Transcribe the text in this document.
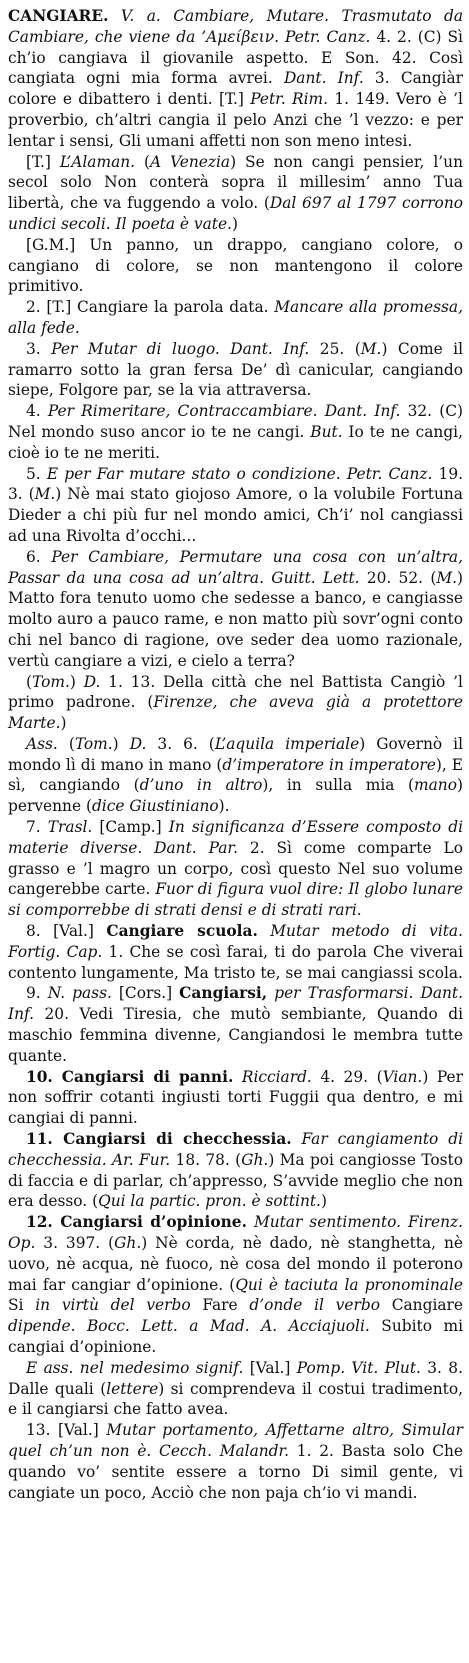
CANGIARE. V. a. Cambiare, Mutare. Trasmutato da Cambiare, che viene da ’Αμείβειν. Petr. Canz. 4. 2. (C) Sì ch’io cangiava il giovanile aspetto. E Son. 42. Così cangiata ogni mia forma avrei. Dant. Inf. 3. Cangiàr colore e dibattero i denti. [T.] Petr. Rim. 1. 149. Vero è ’l proverbio, ch’altri cangia il pelo Anzi che ’l vezzo: e per lentar i sensi, Gli umani affetti non son meno intesi.

[T.] L’Alaman. (A Venezia) Se non cangi pensier, l’un secol solo Non conterà sopra il millesim’ anno Tua libertà, che va fuggendo a volo. (Dal 697 al 1797 corrono undici secoli. Il poeta è vate.)

[G.M.] Un panno, un drappo, cangiano colore, o cangiano di colore, se non mantengono il colore primitivo.

2. [T.] Cangiare la parola data. Mancare alla promessa, alla fede.

3. Per Mutar di luogo. Dant. Inf. 25. (M.) Come il ramarro sotto la gran fersa De’ dì canicular, cangiando siepe, Folgore par, se la via attraversa.

4. Per Rimeritare, Contraccambiare. Dant. Inf. 32. (C) Nel mondo suso ancor io te ne cangi. But. Io te ne cangi, cioè io te ne meriti.

5. E per Far mutare stato o condizione. Petr. Canz. 19. 3. (M.) Nè mai stato giojoso Amore, o la volubile Fortuna Dieder a chi più fur nel mondo amici, Ch’i’ nol cangiassi ad una Rivolta d’occhi...

6. Per Cambiare, Permutare una cosa con un’altra, Passar da una cosa ad un’altra. Guitt. Lett. 20. 52. (M.) Matto fora tenuto uomo che sedesse a banco, e cangiasse molto auro a pauco rame, e non matto più sovr’ogni conto chi nel banco di ragione, ove seder dea uomo razionale, vertù cangiare a vizi, e cielo a terra?

(Tom.) D. 1. 13. Della città che nel Battista Cangiò ’l primo padrone. (Firenze, che aveva già a protettore Marte.)

Ass. (Tom.) D. 3. 6. (L’aquila imperiale) Governò il mondo lì di mano in mano (d’imperatore in imperatore), E sì, cangiando (d’uno in altro), in sulla mia (mano) pervenne (dice Giustiniano).

7. Trasl. [Camp.] In significanza d’Essere composto di materie diverse. Dant. Par. 2. Sì come comparte Lo grasso e ’l magro un corpo, così questo Nel suo volume cangerebbe carte. Fuor di figura vuol dire: Il globo lunare si comporrebbe di strati densi e di strati rari.

8. [Val.] Cangiare scuola. Mutar metodo di vita. Fortig. Cap. 1. Che se così farai, ti do parola Che viverai contento lungamente, Ma tristo te, se mai cangiassi scola.

9. N. pass. [Cors.] Cangiarsi, per Trasformarsi. Dant. Inf. 20. Vedi Tiresia, che mutò sembiante, Quando di maschio femmina divenne, Cangiandosi le membra tutte quante.

10. Cangiarsi di panni. Ricciard. 4. 29. (Vian.) Per non soffrir cotanti ingiusti torti Fuggii qua dentro, e mi cangiai di panni.

11. Cangiarsi di checchessia. Far cangiamento di checchessia. Ar. Fur. 18. 78. (Gh.) Ma poi cangiosse Tosto di faccia e di parlar, ch’appresso, S’avvide meglio che non era desso. (Qui la partic. pron. è sottint.)

12. Cangiarsi d’opinione. Mutar sentimento. Firenz. Op. 3. 397. (Gh.) Nè corda, nè dado, nè stanghetta, nè uovo, nè acqua, nè fuoco, nè cosa del mondo il poterono mai far cangiar d’opinione. (Qui è taciuta la pronominale Si in virtù del verbo Fare d’onde il verbo Cangiare dipende. Bocc. Lett. a Mad. A. Acciajuoli. Subito mi cangiai d’opinione.

E ass. nel medesimo signif. [Val.] Pomp. Vit. Plut. 3. 8. Dalle quali (lettere) si comprendeva il costui tradimento, e il cangiarsi che fatto avea.

13. [Val.] Mutar portamento, Affettarne altro, Simular quel ch’un non è. Cecch. Malandr. 1. 2. Basta solo Che quando vo’ sentite essere a torno Di simil gente, vi cangiate un poco, Acciò che non paja ch’io vi mandi.
